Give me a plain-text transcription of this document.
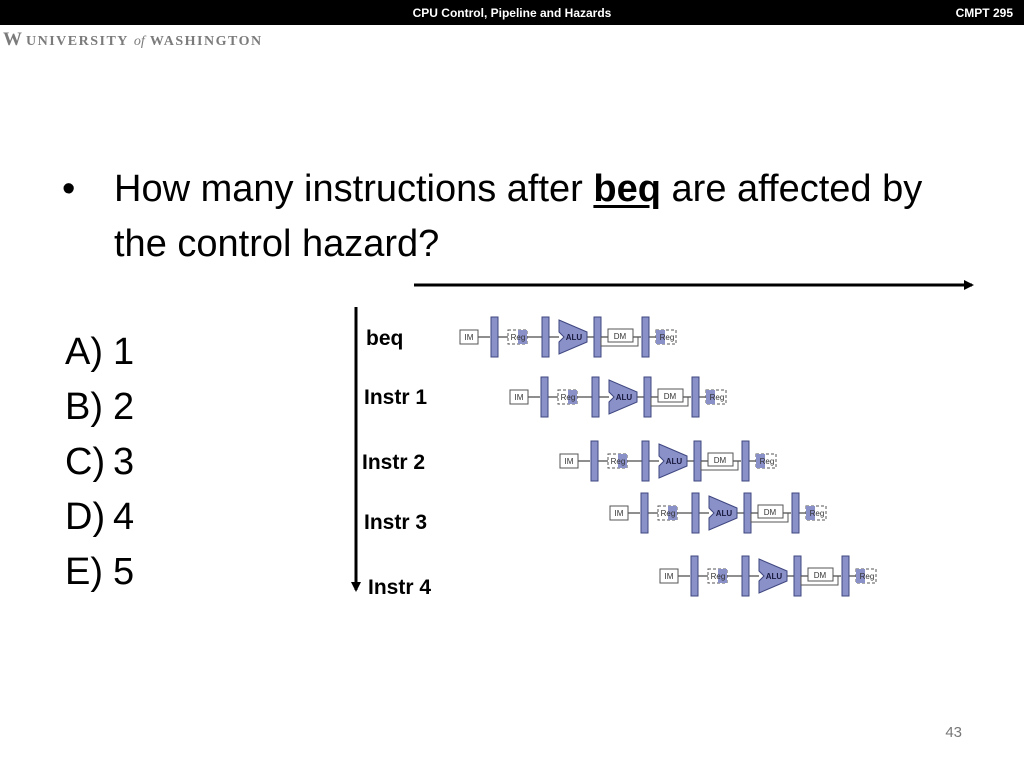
CPU Control, Pipeline and Hazards	CMPT 295
W UNIVERSITY of WASHINGTON
• How many instructions after beq are affected by the control hazard?
A) 1
B) 2
C) 3
D) 4
E) 5
IM	Reg	ALU	DM	Reg
IM	Reg	ALU	DM	Reg
IM	Reg	ALU	DM	Reg
IM	Reg	ALU	DM	Reg
IM	Reg	ALU	DM	Reg
beq
Instr 1
Instr 2
Instr 3
Instr 4
43
